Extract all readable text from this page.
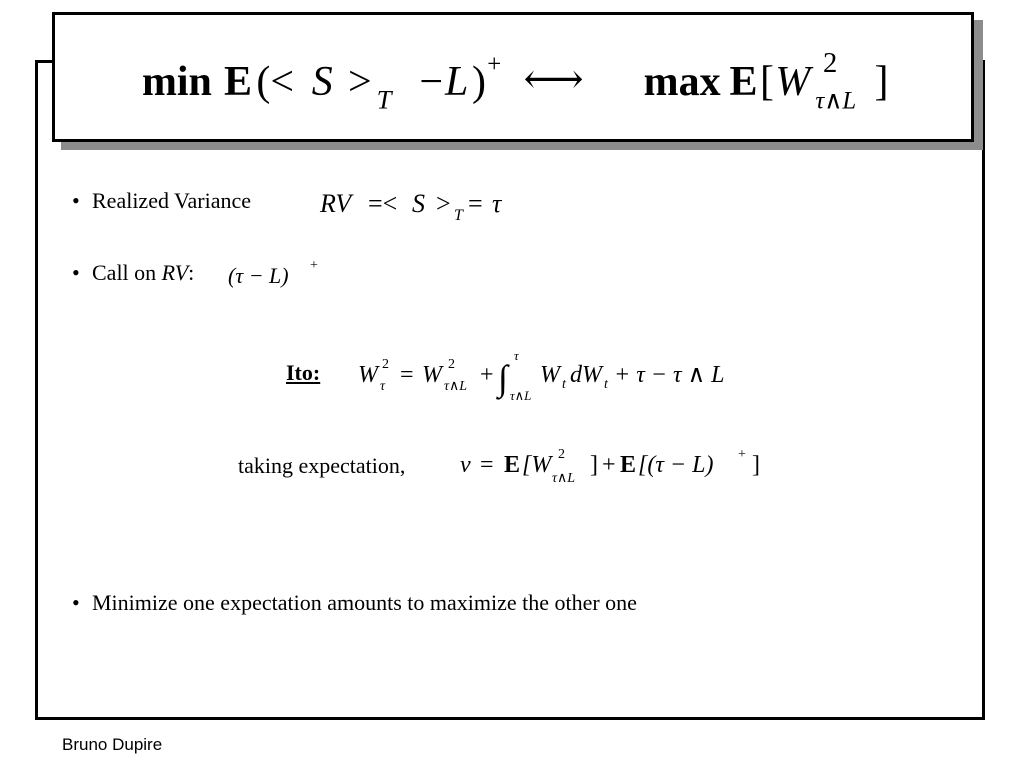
min E (< S > T −L ) + ⟷ max E [ W 2
τ∧L ]
• Realized Variance	RV =< S > T = τ
• Call on RV: (τ − L) +
Ito: W 2
τ = W 2
τ∧L + ∫
τ
τ∧L
W t dW t + τ − τ ∧ L
taking expectation, v = E [W 2
τ∧L
] + E [(τ − L) + ]
• Minimize one expectation amounts to maximize the other one
Bruno Dupire
